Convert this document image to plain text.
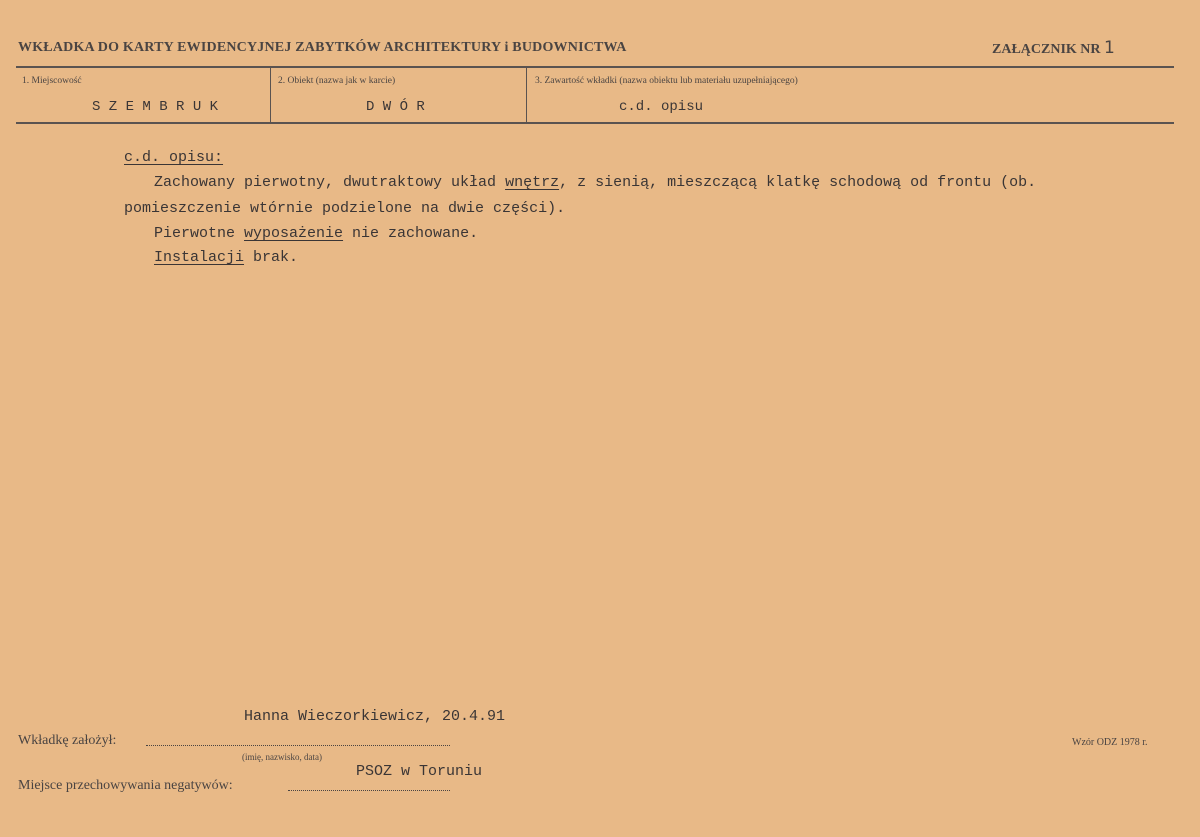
WKŁADKA DO KARTY EWIDENCYJNEJ ZABYTKÓW ARCHITEKTURY i BUDOWNICTWA	ZAŁĄCZNIK NR 1
1. Miejscowość
S Z E M B R U K
2. Obiekt (nazwa jak w karcie)
D W Ó R
3. Zawartość wkładki (nazwa obiektu lub materiału uzupełniającego)
c.d. opisu
c.d. opisu:
Zachowany pierwotny, dwutraktowy układ wnętrz, z sienią, mieszczącą klatkę schodową od frontu (ob.
pomieszczenie wtórnie podzielone na dwie części).
Pierwotne wyposażenie nie zachowane.
Instalacji brak.
Hanna Wieczorkiewicz, 20.4.91
Wkładkę założył:
(imię, nazwisko, data)
Wzór ODZ 1978 r.
PSOZ w Toruniu
Miejsce przechowywania negatywów:
